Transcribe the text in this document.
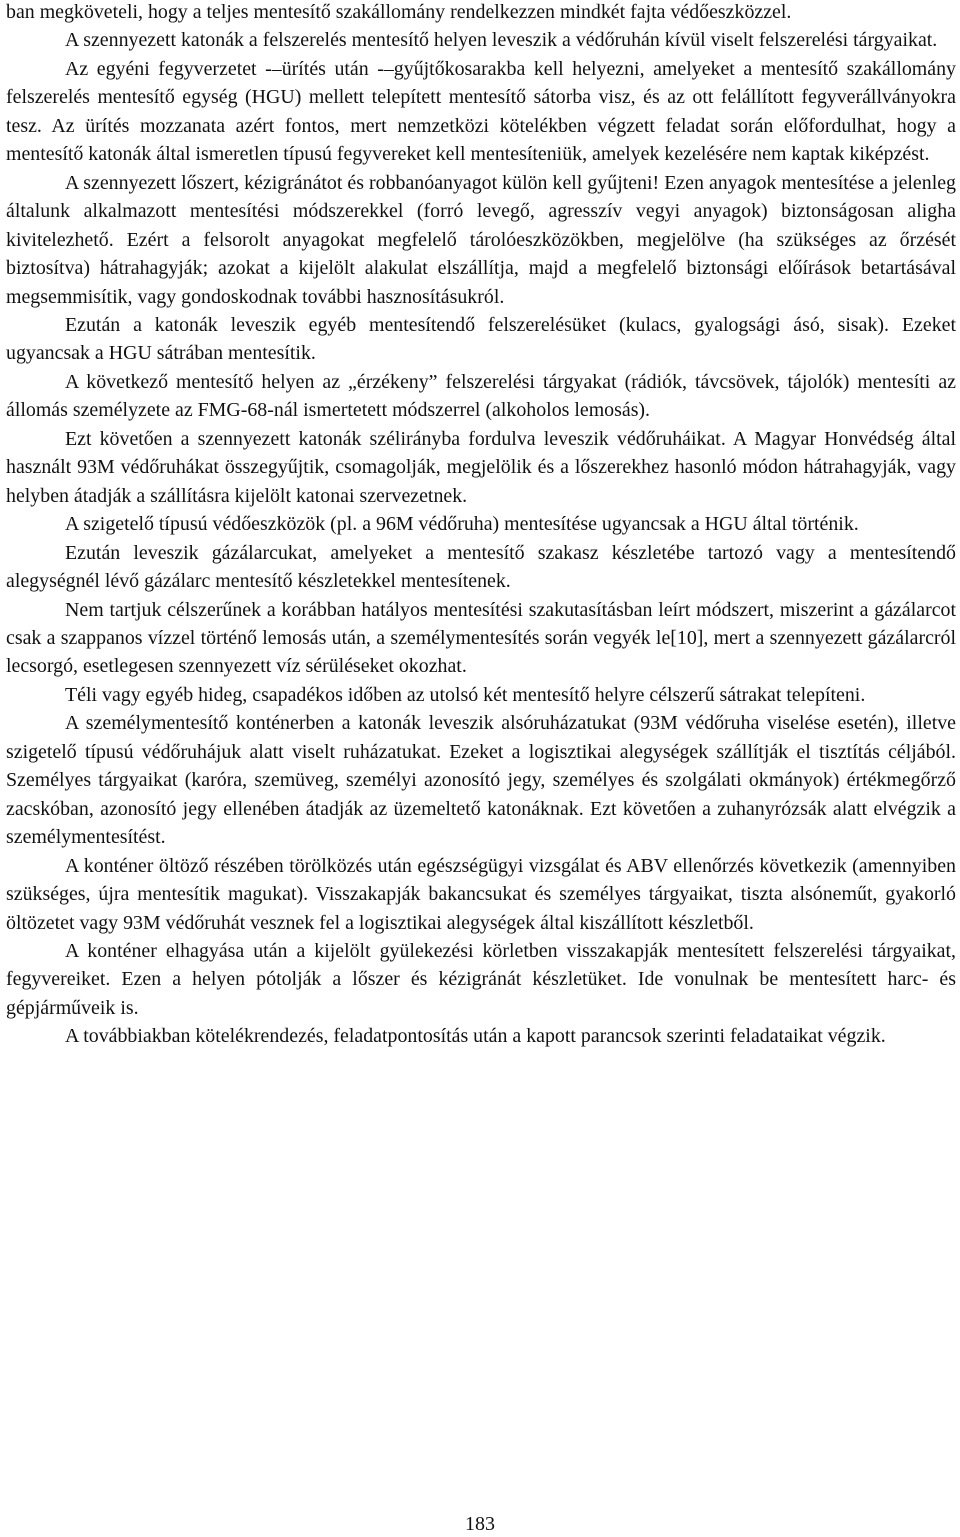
ban megköveteli, hogy a teljes mentesítő szakállomány rendelkezzen mindkét fajta védőeszközzel.

A szennyezett katonák a felszerelés mentesítő helyen leveszik a védőruhán kívül viselt felszerelési tárgyaikat.

Az egyéni fegyverzetet -–ürítés után -–gyűjtőkosarakba kell helyezni, amelyeket a mentesítő szakállomány felszerelés mentesítő egység (HGU) mellett telepített mentesítő sátorba visz, és az ott felállított fegyverállványokra tesz. Az ürítés mozzanata azért fontos, mert nemzetközi kötelékben végzett feladat során előfordulhat, hogy a mentesítő katonák által ismeretlen típusú fegyvereket kell mentesíteniük, amelyek kezelésére nem kaptak kiképzést.

A szennyezett lőszert, kézigránátot és robbanóanyagot külön kell gyűjteni! Ezen anyagok mentesítése a jelenleg általunk alkalmazott mentesítési módszerekkel (forró levegő, agresszív vegyi anyagok) biztonságosan aligha kivitelezhető. Ezért a felsorolt anyagokat megfelelő tárolóeszközökben, megjelölve (ha szükséges az őrzését biztosítva) hátrahagyják; azokat a kijelölt alakulat elszállítja, majd a megfelelő biztonsági előírások betartásával megsemmisítik, vagy gondoskodnak további hasznosításukról.

Ezután a katonák leveszik egyéb mentesítendő felszerelésüket (kulacs, gyalogsági ásó, sisak). Ezeket ugyancsak a HGU sátrában mentesítik.

A következő mentesítő helyen az „érzékeny” felszerelési tárgyakat (rádiók, távcsövek, tájolók) mentesíti az állomás személyzete az FMG-68-nál ismertetett módszerrel (alkoholos lemosás).

Ezt követően a szennyezett katonák szélirányba fordulva leveszik védőruháikat. A Magyar Honvédség által használt 93M védőruhákat összegyűjtik, csomagolják, megjelölik és a lőszerekhez hasonló módon hátrahagyják, vagy helyben átadják a szállításra kijelölt katonai szervezetnek.

A szigetelő típusú védőeszközök (pl. a 96M védőruha) mentesítése ugyancsak a HGU által történik.

Ezután leveszik gázálarcukat, amelyeket a mentesítő szakasz készletébe tartozó vagy a mentesítendő alegységnél lévő gázálarc mentesítő készletekkel mentesítenek.

Nem tartjuk célszerűnek a korábban hatályos mentesítési szakutasításban leírt módszert, miszerint a gázálarcot csak a szappanos vízzel történő lemosás után, a személymentesítés során vegyék le[10], mert a szennyezett gázálarcról lecsorgó, esetlegesen szennyezett víz sérüléseket okozhat.

Téli vagy egyéb hideg, csapadékos időben az utolsó két mentesítő helyre célszerű sátrakat telepíteni.

A személymentesítő konténerben a katonák leveszik alsóruházatukat (93M védőruha viselése esetén), illetve szigetelő típusú védőruhájuk alatt viselt ruházatukat. Ezeket a logisztikai alegységek szállítják el tisztítás céljából. Személyes tárgyaikat (karóra, szemüveg, személyi azonosító jegy, személyes és szolgálati okmányok) értékmegőrző zacskóban, azonosító jegy ellenében átadják az üzemeltető katonáknak. Ezt követően a zuhanyrózsák alatt elvégzik a személymentesítést.

A konténer öltöző részében törölközés után egészségügyi vizsgálat és ABV ellenőrzés következik (amennyiben szükséges, újra mentesítik magukat). Visszakapják bakancsukat és személyes tárgyaikat, tiszta alsóneműt, gyakorló öltözetet vagy 93M védőruhát vesznek fel a logisztikai alegységek által kiszállított készletből.

A konténer elhagyása után a kijelölt gyülekezési körletben visszakapják mentesített felszerelési tárgyaikat, fegyvereiket. Ezen a helyen pótolják a lőszer és kézigránát készletüket. Ide vonulnak be mentesített harc- és gépjárműveik is.

A továbbiakban kötelékrendezés, feladatpontosítás után a kapott parancsok szerinti feladataikat végzik.

183
